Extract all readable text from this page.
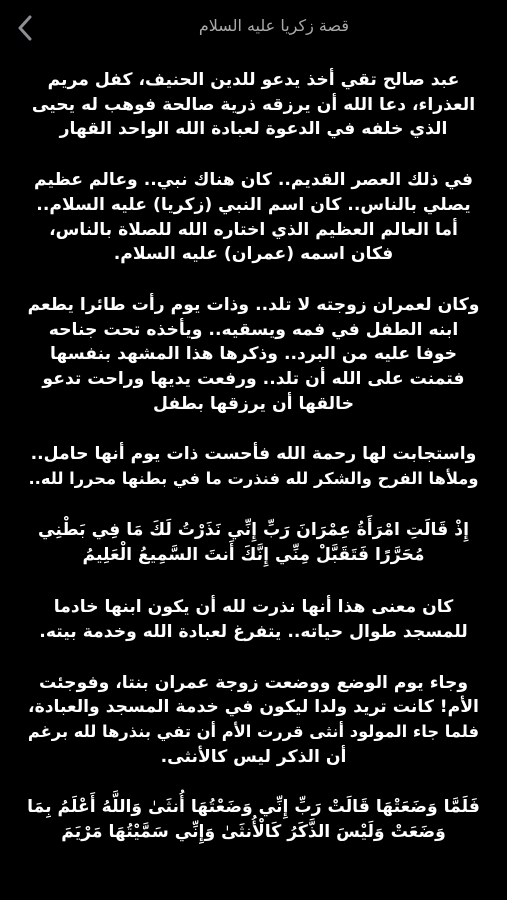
قصة زكريا عليه السلام

عبد صالح تقي أخذ يدعو للدين الحنيف، كفل مريم
العذراء، دعا الله أن يرزقه ذرية صالحة فوهب له يحيى
الذي خلفه في الدعوة لعبادة الله الواحد القهار

في ذلك العصر القديم.. كان هناك نبي.. وعالم عظيم
يصلي بالناس.. كان اسم النبي (زكريا) عليه السلام..
أما العالم العظيم الذي اختاره الله للصلاة بالناس،
فكان اسمه (عمران) عليه السلام.

وكان لعمران زوجته لا تلد.. وذات يوم رأت طائرا يطعم
ابنه الطفل في فمه ويسقيه.. ويأخذه تحت جناحه
خوفا عليه من البرد.. وذكرها هذا المشهد بنفسها
فتمنت على الله أن تلد.. ورفعت يديها وراحت تدعو
خالقها أن يرزقها بطفل

واستجابت لها رحمة الله فأحست ذات يوم أنها حامل..
وملأها الفرح والشكر لله فنذرت ما في بطنها محررا لله..

إِذْ قَالَتِ امْرَأَةُ عِمْرَانَ رَبِّ إِنِّي نَذَرْتُ لَكَ مَا فِي بَطْنِي
مُحَرَّرًا فَتَقَبَّلْ مِنِّي إِنَّكَ أَنتَ السَّمِيعُ الْعَلِيمُ

كان معنى هذا أنها نذرت لله أن يكون ابنها خادما
للمسجد طوال حياته.. يتفرغ لعبادة الله وخدمة بيته.

وجاء يوم الوضع ووضعت زوجة عمران بنتا، وفوجئت
الأم! كانت تريد ولدا ليكون في خدمة المسجد والعبادة،
فلما جاء المولود أنثى قررت الأم أن تفي بنذرها لله برغم
أن الذكر ليس كالأنثى.

فَلَمَّا وَضَعَتْهَا قَالَتْ رَبِّ إِنِّي وَضَعْتُهَا أُنثَىٰ وَاللَّهُ أَعْلَمُ بِمَا
وَضَعَتْ وَلَيْسَ الذَّكَرُ كَالْأُنثَىٰ وَإِنِّي سَمَّيْتُهَا مَرْيَمَ
